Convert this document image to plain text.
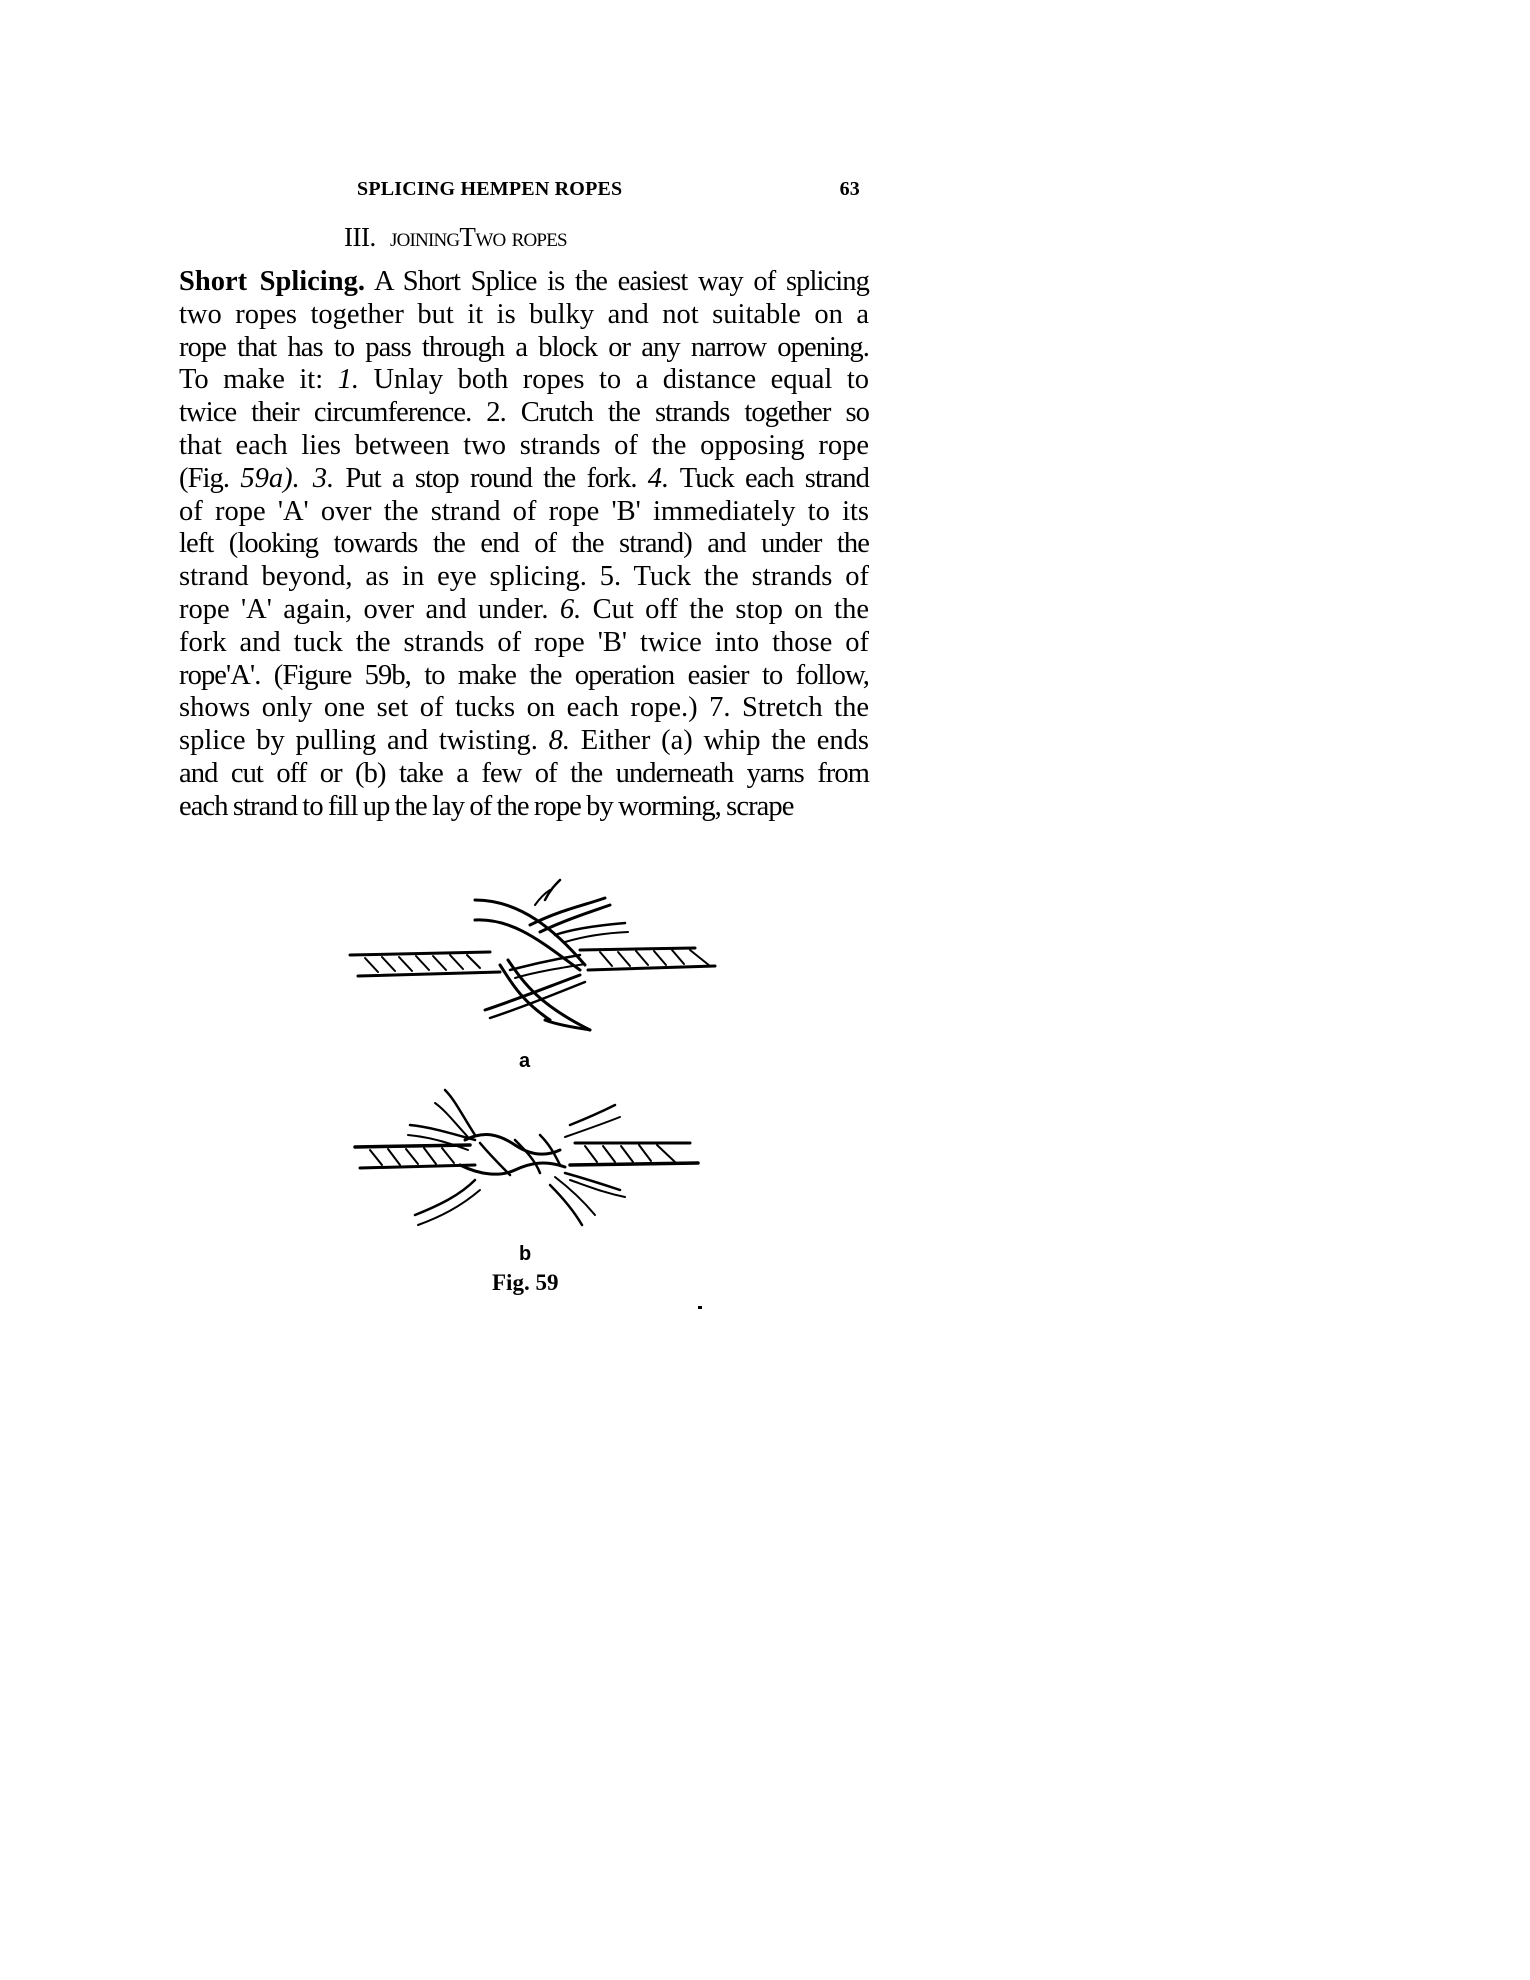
SPLICING HEMPEN ROPES	63
III. JOININGTWO ROPES
Short Splicing. A Short Splice is the easiest way of splicing
two ropes together but it is bulky and not suitable on a
rope that has to pass through a block or any narrow opening.
To make it: 1. Unlay both ropes to a distance equal to
twice their circumference. 2. Crutch the strands together so
that each lies between two strands of the opposing rope
(Fig. 59a). 3. Put a stop round the fork. 4. Tuck each strand
of rope 'A' over the strand of rope 'B' immediately to its
left (looking towards the end of the strand) and under the
strand beyond, as in eye splicing. 5. Tuck the strands of
rope 'A' again, over and under. 6. Cut off the stop on the
fork and tuck the strands of rope 'B' twice into those of
rope'A'. (Figure 59b, to make the operation easier to follow,
shows only one set of tucks on each rope.) 7. Stretch the
splice by pulling and twisting. 8. Either (a) whip the ends
and cut off or (b) take a few of the underneath yarns from
each strand to fill up the lay of the rope by worming, scrape
a
b
Fig. 59
